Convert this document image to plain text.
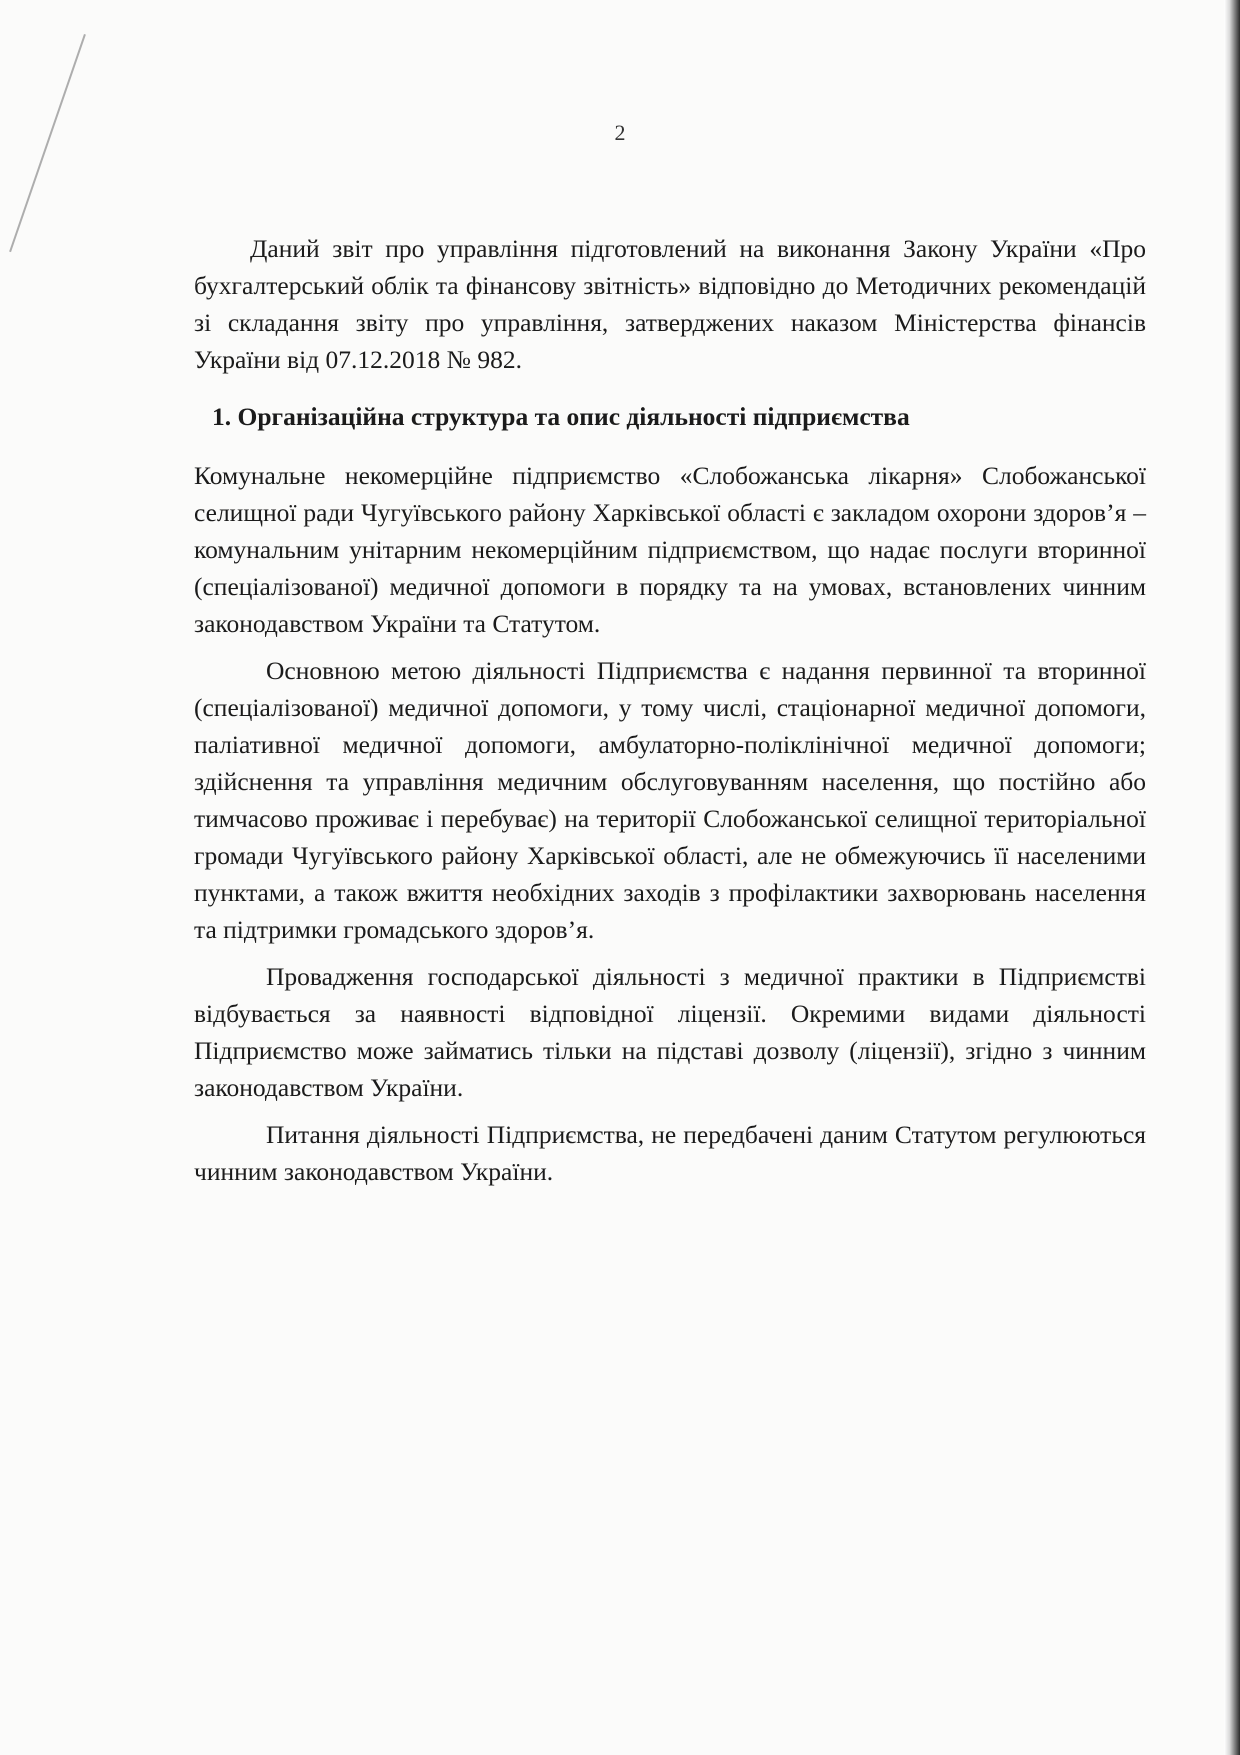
2

Даний звіт про управління підготовлений на виконання Закону України «Про бухгалтерський облік та фінансову звітність» відповідно до Методичних рекомендацій зі складання звіту про управління, затверджених наказом Міністерства фінансів України від 07.12.2018 № 982.

1. Організаційна структура та опис діяльності підприємства

Комунальне некомерційне підприємство «Слобожанська лікарня» Слобожанської селищної ради Чугуївського району Харківської області є закладом охорони здоров’я – комунальним унітарним некомерційним підприємством, що надає послуги вторинної (спеціалізованої) медичної допомоги в порядку та на умовах, встановлених чинним законодавством України та Статутом.

Основною метою діяльності Підприємства є надання первинної та вторинної (спеціалізованої) медичної допомоги, у тому числі, стаціонарної медичної допомоги, паліативної медичної допомоги, амбулаторно-поліклінічної медичної допомоги; здійснення та управління медичним обслуговуванням населення, що постійно або тимчасово проживає і перебуває) на території Слобожанської селищної територіальної громади Чугуївського району Харківської області, але не обмежуючись її населеними пунктами, а також вжиття необхідних заходів з профілактики захворювань населення та підтримки громадського здоров’я.

Провадження господарської діяльності з медичної практики в Підприємстві відбувається за наявності відповідної ліцензії. Окремими видами діяльності Підприємство може займатись тільки на підставі дозволу (ліцензії), згідно з чинним законодавством України.

Питання діяльності Підприємства, не передбачені даним Статутом регулюються чинним законодавством України.
